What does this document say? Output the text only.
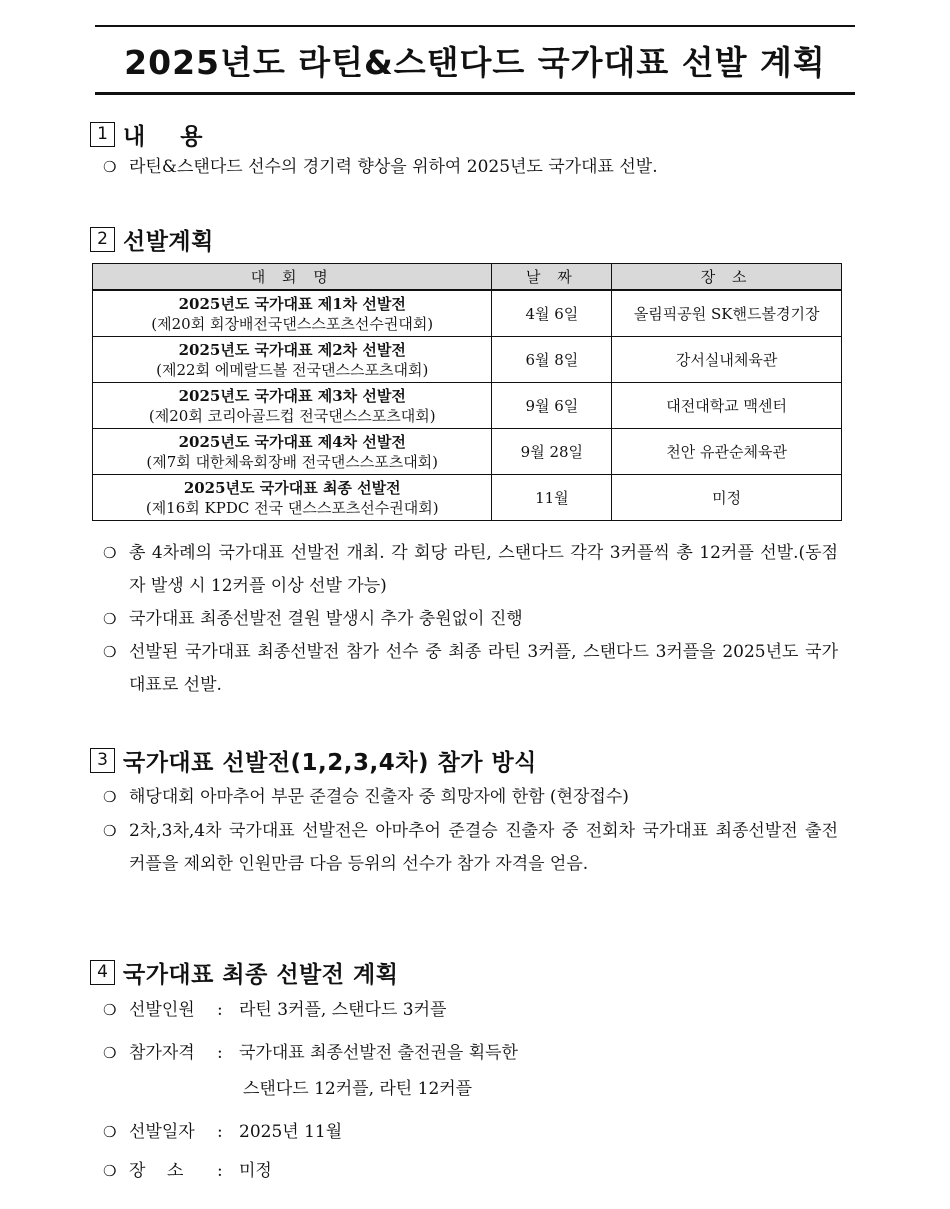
2025년도 라틴&스탠다드 국가대표 선발 계획
1 내 용
❍ 라틴&스탠다드 선수의 경기력 향상을 위하여 2025년도 국가대표 선발.
2 선발계획
대 회 명	날 짜	장 소

2025년도 국가대표 제1차 선발전
(제20회 회장배전국댄스스포츠선수권대회)	4월 6일	올림픽공원 SK핸드볼경기장

2025년도 국가대표 제2차 선발전
(제22회 에메랄드볼 전국댄스스포츠대회)	6월 8일	강서실내체육관

2025년도 국가대표 제3차 선발전
(제20회 코리아골드컵 전국댄스스포츠대회)	9월 6일	대전대학교 맥센터

2025년도 국가대표 제4차 선발전
(제7회 대한체육회장배 전국댄스스포츠대회)	9월 28일	천안 유관순체육관

2025년도 국가대표 최종 선발전
(제16회 KPDC 전국 댄스스포츠선수권대회)	11월	미정
❍ 총 4차례의 국가대표 선발전 개최. 각 회당 라틴, 스탠다드 각각 3커플씩 총 12커플 선발.(동점자 발생 시 12커플 이상 선발 가능)
❍ 국가대표 최종선발전 결원 발생시 추가 충원없이 진행
❍ 선발된 국가대표 최종선발전 참가 선수 중 최종 라틴 3커플, 스탠다드 3커플을 2025년도 국가대표로 선발.
3 국가대표 선발전(1,2,3,4차) 참가 방식
❍ 해당대회 아마추어 부문 준결승 진출자 중 희망자에 한함 (현장접수)
❍ 2차,3차,4차 국가대표 선발전은 아마추어 준결승 진출자 중 전회차 국가대표 최종선발전 출전 커플을 제외한 인원만큼 다음 등위의 선수가 참가 자격을 얻음.
4 국가대표 최종 선발전 계획
❍ 선발인원	: 라틴 3커플, 스탠다드 3커플
❍ 참가자격	: 국가대표 최종선발전 출전권을 획득한
스탠다드 12커플, 라틴 12커플
❍ 선발일자	: 2025년 11월
❍ 장    소	: 미정
